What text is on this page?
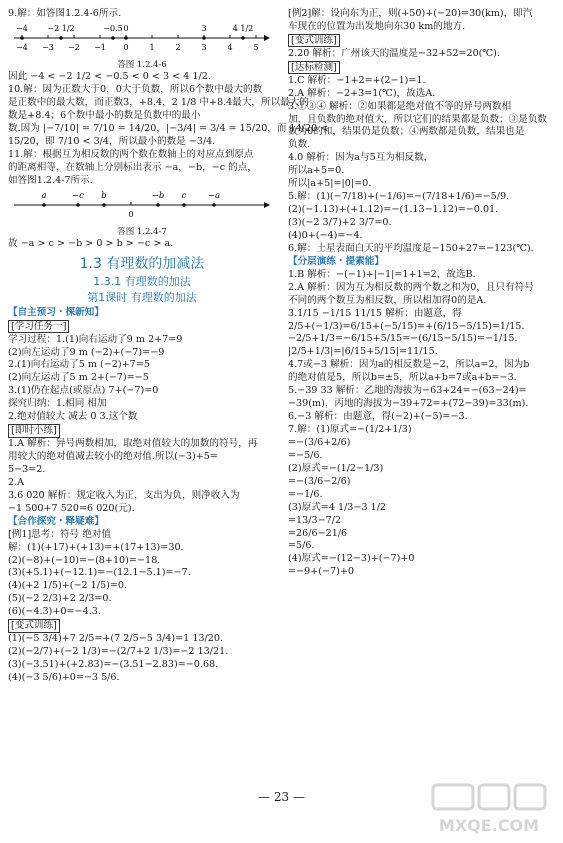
9.解：如答图1.2.4-6所示.
−4 −3 −2 −1 0	1	2	3	4	5
−4 −2 1/2	−0.5 0	3	4 1/2
答图 1.2.4-6
因此 −4 < −2 1/2 < −0.5 < 0 < 3 < 4 1/2.
10.解：因为正数大于0，0大于负数，所以6个数中最大的数
是正数中的最大数，而正数3，+8.4，2 1/8 中+8.4最大，所以最大的
数是+8.4；6个数中最小的数是负数中的最小
数.因为 |−7/10| = 7/10 = 14/20，|−3/4| = 3/4 = 15/20，而 14/20 <
15/20，即 7/10 < 3/4，所以最小的数是 −3/4.
11.解：根据互为相反数的两个数在数轴上的对应点到原点
的距离相等，在数轴上分别标出表示 −a，−b，−c 的点，
如答图1.2.4-7所示.
a	−c b	−b c	−a
0
答图 1.2.4-7
故 −a > c > −b > 0 > b > −c > a.
1.3 有理数的加减法
1.3.1 有理数的加法
第1课时 有理数的加法
【自主预习・探新知】
[学习任务一]
学习过程：1.(1)向右运动了9 m 2+7=9
(2)向左运动了9 m (−2)+(−7)=−9
2.(1)向右运动了5 m (−2)+7=5
(2)向左运动了5 m 2+(−7)=−5
3.(1)仍在起点(或原点) 7+(−7)=0
探究归纳：1.相同 相加
2.绝对值较大 减去 0 3.这个数
[即时小练]
1.A 解析：异号两数相加，取绝对值较大的加数的符号，再
用较大的绝对值减去较小的绝对值.所以(−3)+5=
5−3=2.
2.A
3.6 020 解析：规定收入为正，支出为负，则净收入为
−1 500+7 520=6 020(元).
【合作探究・释疑难】
[例1]思考：符号 绝对值
解：(1)(+17)+(+13)=+(17+13)=30.
(2)(−8)+(−10)=−(8+10)=−18.
(3)(+5.1)+(−12.1)=−(12.1−5.1)=−7.
(4)(+2 1/5)+(−2 1/5)=0.
(5)(−2 2/3)+2 2/3=0.
(6)(−4.3)+0=−4.3.
[变式训练]
(1)(−5 3/4)+7 2/5=+(7 2/5−5 3/4)=1 13/20.
(2)(−2/7)+(−2 1/3)=−(2/7+2 1/3)=−2 13/21.
(3)(−3.51)+(+2.83)=−(3.51−2.83)=−0.68.
(4)(−3 5/6)+0=−3 5/6.
[例2]解：设向东为正，则(+50)+(−20)=30(km)，即汽
车现在的位置为出发地向东30 km的地方.
[变式训练]
2.20 解析：广州该天的温度是−32+52=20(℃).
[达标检测]
1.C 解析：−1+2=+(2−1)=1.
2.A 解析：−2+3=1(℃)，故选A.
3.①③④ 解析：②如果都是绝对值不等的异号两数相
加，且负数的绝对值大，所以它们的结果都是负数；③是负数
数为0的和，结果仍是负数；④两数都是负数，结果也是
负数.
4.0 解析：因为a与5互为相反数，
所以a+5=0.
所以|a+5|=|0|=0.
5.解：(1)(−7/18)+(−1/6)=−(7/18+1/6)=−5/9.
(2)(−1.13)+(+1.12)=−(1.13−1.12)=−0.01.
(3)(−2 3/7)+2 3/7=0.
(4)0+(−4)=−4.
6.解：土星表面白天的平均温度是−150+27=−123(℃).
【分层演练・提素能】
1.B 解析：−(−1)+|−1|=1+1=2，故选B.
2.A 解析：因为互为相反数的两个数之和为0，且只有符号
不同的两个数互为相反数，所以相加得0的是A.
3.1/15 −1/15 11/15 解析：由题意，得
2/5+(−1/3)=6/15+(−5/15)=+(6/15−5/15)=1/15.
−2/5+1/3=−6/15+5/15=−(6/15−5/15)=−1/15.
|2/5+1/3|=|6/15+5/15|=11/15.
4.7或−3 解析：因为a的相反数是−2，所以a=2，因为b
的绝对值是5，所以b=±5，所以a+b=7或a+b=−3.
5.−39 33 解析：乙地的海拔为−63+24=−(63−24)=
−39(m)，丙地的海拔为−39+72=+(72−39)=33(m).
6.−3 解析：由题意，得(−2)+(−5)=−3.
7.解：(1)原式=−(1/2+1/3)
=−(3/6+2/6)
=−5/6.
(2)原式=−(1/2−1/3)
=−(3/6−2/6)
=−1/6.
(3)原式=4 1/3−3 1/2
=13/3−7/2
=26/6−21/6
=5/6.
(4)原式=−(12−3)+(−7)+0
=−9+(−7)+0
— 23 —
MXQE.COM
